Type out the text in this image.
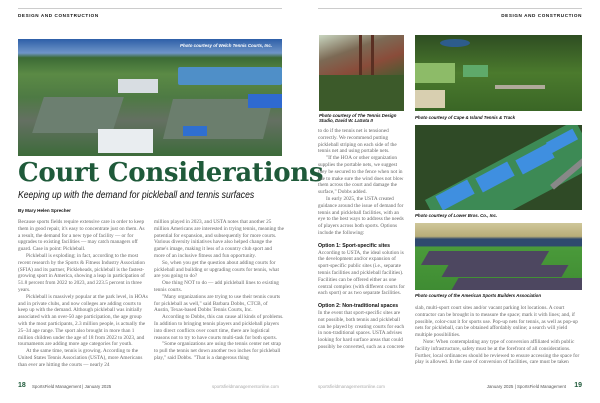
DESIGN AND CONSTRUCTION
Photo courtesy of Welch Tennis Courts, Inc.
Court Considerations
Keeping up with the demand for pickleball and tennis surfaces
By Mary Helen Sprecher

Because sports fields require extensive care in order to keep them in good repair, it's easy to concentrate just on them. As a result, the demand for a new type of facility — or for upgrades to existing facilities — may catch managers off guard. Case in point: Pickleball.

Pickleball is exploding; in fact, according to the most recent research by the Sports & Fitness Industry Association (SFIA) and its partner, Pickleheads, pickleball is the fastest-growing sport in America, showing a leap in participation of 51.8 percent from 2022 to 2023, and 223.5 percent in three years.

Pickleball is massively popular at the park level, in HOAs and in private clubs, and now colleges are adding courts to keep up with the demand. Although pickleball was initially associated with an over-50 age participation, the age group with the most participants, 2.3 million people, is actually the 25–34 age range. The sport also brought in more than 1 million children under the age of 18 from 2022 to 2023, and tournaments are adding more age categories for youth.

At the same time, tennis is growing. According to the United States Tennis Association (USTA), more Americans than ever are hitting the courts — nearly 24

million played in 2023, and USTA notes that another 25 million Americans are interested in trying tennis, meaning the potential for expansion, and subsequently for more courts. Various diversity initiatives have also helped change the game's image, making it less of a country club sport and more of an inclusive fitness and fun opportunity.

So, when you get the question about adding courts for pickleball and building or upgrading courts for tennis, what are you going to do?

One thing NOT to do — add pickleball lines to existing tennis courts.

"Many organizations are trying to use their tennis courts for pickleball as well," said Barbara Dobbs, CTCB, of Austin, Texas-based Dobbs Tennis Courts, Inc.

According to Dobbs, this can cause all kinds of problems. In addition to bringing tennis players and pickleball players into direct conflicts over court time, there are logistical reasons not to try to have courts multi-task for both sports.

"Some organizations are using the tennis center net strap to pull the tennis net down another two inches for pickleball play," said Dobbs. "That is a dangerous thing

18 SportsField Management | January 2025	sportsfieldmanagementonline.com
DESIGN AND CONSTRUCTION
Photo courtesy of The Tennis Design Studio, David W. LaSota II
Photo courtesy of Cape & Island Tennis & Track
Photo courtesy of Lower Bros. Co., Inc.
Photo courtesy of the American Sports Builders Association

to do if the tennis net is tensioned correctly. We recommend putting pickleball striping on each side of the tennis net and using portable nets.

"If the HOA or other organization supplies the portable nets, we suggest they be secured to the fence when not in use to make sure the wind does not blow them across the court and damage the surface," Dobbs added.

In early 2025, the USTA created guidance around the issue of demand for tennis and pickleball facilities, with an eye to the best ways to address the needs of players across both sports. Options include the following:

Option 1: Sport-specific sites

According to USTA, the ideal solution is the development and/or expansion of sport-specific public sites (i.e., separate tennis facilities and pickleball facilities). Facilities can be offered either as one central complex (with different courts for each sport) or as two separate facilities.

Option 2: Non-traditional spaces

In the event that sport-specific sites are not possible, both tennis and pickleball can be played by creating courts for each in non-traditional spaces. USTA advises looking for hard surface areas that could possibly be converted, such as a concrete

slab, multi-sport court sites and/or vacant parking lot locations. A court contractor can be brought in to measure the space; mark it with lines; and, if possible, color-coat it for sports use. Pop-up nets for tennis, as well as pop-up nets for pickleball, can be obtained affordably online; a search will yield multiple possibilities.

Note: When contemplating any type of conversion affiliated with public facility infrastructure, safety must be at the forefront of all considerations. Further, local ordinances should be reviewed to ensure accessing the space for play is allowed. In the case of conversion of facilities, care must be taken

sportsfieldmanagementonline.com	January 2025 | SportsField Management 19
